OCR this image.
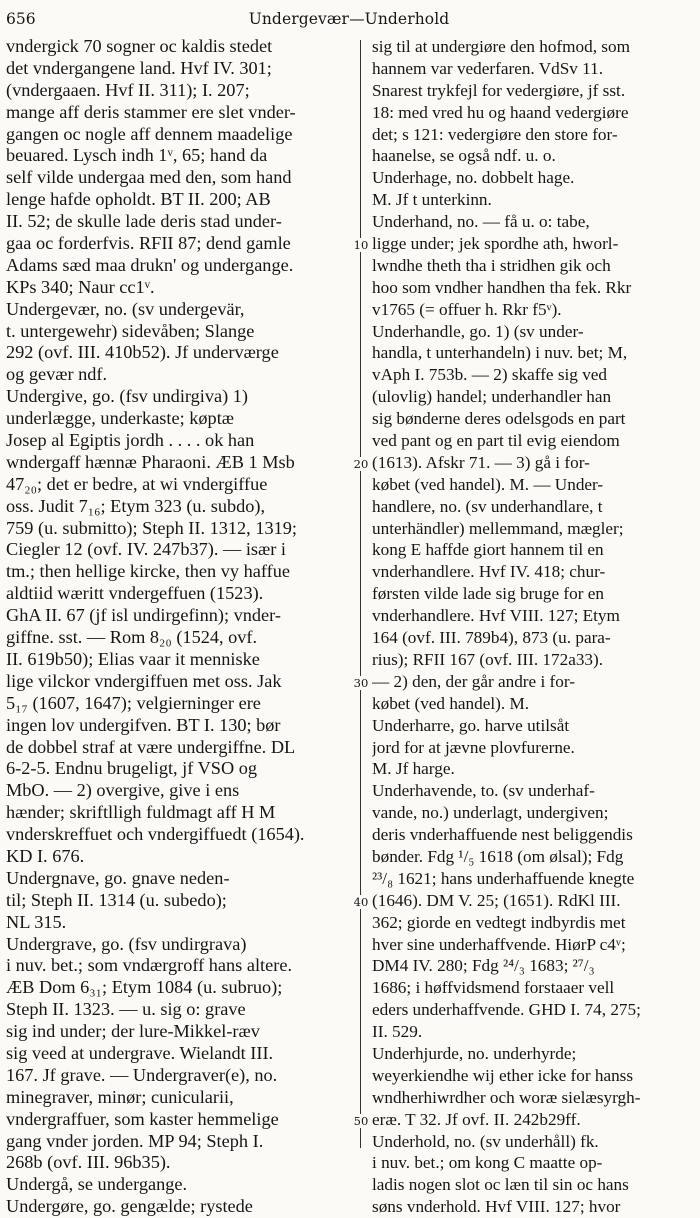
656	Undergevær—Underhold
vndergick 70 sogner oc kaldis stedet
det vndergangene land. Hvf IV. 301;
(vndergaaen. Hvf II. 311); I. 207;
mange aff deris stammer ere slet vnder-
gangen oc nogle aff dennem maadelige
beuared. Lysch indh 1ᵛ, 65; hand da
self vilde undergaa med den, som hand
lenge hafde opholdt. BT II. 200; AB
II. 52; de skulle lade deris stad under-
gaa oc forderfvis. RFII 87; dend gamle
Adams sæd maa drukn' og undergange.
KPs 340; Naur cc1ᵛ.
Undergevær, no. (sv undergevär,
t. untergewehr) sidevåben; Slange
292 (ovf. III. 410b52). Jf underværge
og gevær ndf.
Undergive, go. (fsv undirgiva) 1)
underlægge, underkaste; køptæ
Josep al Egiptis jordh . . . . ok han
wndergaff hænnæ Pharaoni. ÆB 1 Msb
47₂₀; det er bedre, at wi vndergiffue
oss. Judit 7₁₆; Etym 323 (u. subdo),
759 (u. submitto); Steph II. 1312, 1319;
Ciegler 12 (ovf. IV. 247b37). — især i
tm.; then hellige kircke, then vy haffue
aldtiid wæritt vndergeffuen (1523).
GhA II. 67 (jf isl undirgefinn); vnder-
giffne. sst. — Rom 8₂₀ (1524, ovf.
II. 619b50); Elias vaar it menniske
lige vilckor vndergiffuen met oss. Jak
5₁₇ (1607, 1647); velgierninger ere
ingen lov undergifven. BT I. 130; bør
de dobbel straf at være undergiffne. DL
6-2-5. Endnu brugeligt, jf VSO og
MbO. — 2) overgive, give i ens
hænder; skriftlligh fuldmagt aff H M
vnderskreffuet och vndergiffuedt (1654).
KD I. 676.
Undergnave, go. gnave neden-
til; Steph II. 1314 (u. subedo);
NL 315.
Undergrave, go. (fsv undirgrava)
i nuv. bet.; som vndærgroff hans altere.
ÆB Dom 6₃₁; Etym 1084 (u. subruo);
Steph II. 1323. — u. sig o: grave
sig ind under; der lure-Mikkel-ræv
sig veed at undergrave. Wielandt III.
167. Jf grave. — Undergraver(e), no.
minegraver, minør; cunicularii,
vndergraffuer, som kaster hemmelige
gang vnder jorden. MP 94; Steph I.
268b (ovf. III. 96b35).
Undergå, se undergange.
Undergøre, go. gengælde; rystede
sig til at undergiøre den hofmod, som
hannem var vederfaren. VdSv 11.
Snarest trykfejl for vedergiøre, jf sst.
18: med vred hu og haand vedergiøre
det; s 121: vedergiøre den store for-
haanelse, se også ndf. u. o.
Underhage, no. dobbelt hage.
M. Jf t unterkinn.
Underhand, no. — få u. o: tabe,
ligge under; jek spordhe ath, hworl-
lwndhe theth tha i stridhen gik och
hoo som vndher handhen tha fek. Rkr
v1765 (= offuer h. Rkr f5ᵛ).
Underhandle, go. 1) (sv under-
handla, t unterhandeln) i nuv. bet; M,
vAph I. 753b. — 2) skaffe sig ved
(ulovlig) handel; underhandler han
sig bønderne deres odelsgods en part
ved pant og en part til evig eiendom
(1613). Afskr 71. — 3) gå i for-
købet (ved handel). M. — Under-
handlere, no. (sv underhandlare, t
unterhändler) mellemmand, mægler;
kong E haffde giort hannem til en
vnderhandlere. Hvf IV. 418; chur-
førsten vilde lade sig bruge for en
vnderhandlere. Hvf VIII. 127; Etym
164 (ovf. III. 789b4), 873 (u. para-
rius); RFII 167 (ovf. III. 172a33).
— 2) den, der går andre i for-
købet (ved handel). M.
Underharre, go. harve utilsåt
jord for at jævne plovfurerne.
M. Jf harge.
Underhavende, to. (sv underhaf-
vande, no.) underlagt, undergiven;
deris vnderhaffuende nest beliggendis
bønder. Fdg ¹/₅ 1618 (om ølsal); Fdg
²³/₈ 1621; hans underhaffuende knegte
(1646). DM V. 25; (1651). RdKl III.
362; giorde en vedtegt indbyrdis met
hver sine underhaffvende. HiørP c4ᵛ;
DM4 IV. 280; Fdg ²⁴/₃ 1683; ²⁷/₃
1686; i høffvidsmend forstaaer vell
eders underhaffvende. GHD I. 74, 275;
II. 529.
Underhjurde, no. underhyrde;
weyerkiendhe wij ether icke for hanss
wndherhiwrdher och woræ sielæsyrgh-
eræ. T 32. Jf ovf. II. 242b29ff.
Underhold, no. (sv underhåll) fk.
i nuv. bet.; om kong C maatte op-
ladis nogen slot oc læn til sin oc hans
søns vnderhold. Hvf VIII. 127; hvor
10
20
30
40
50
